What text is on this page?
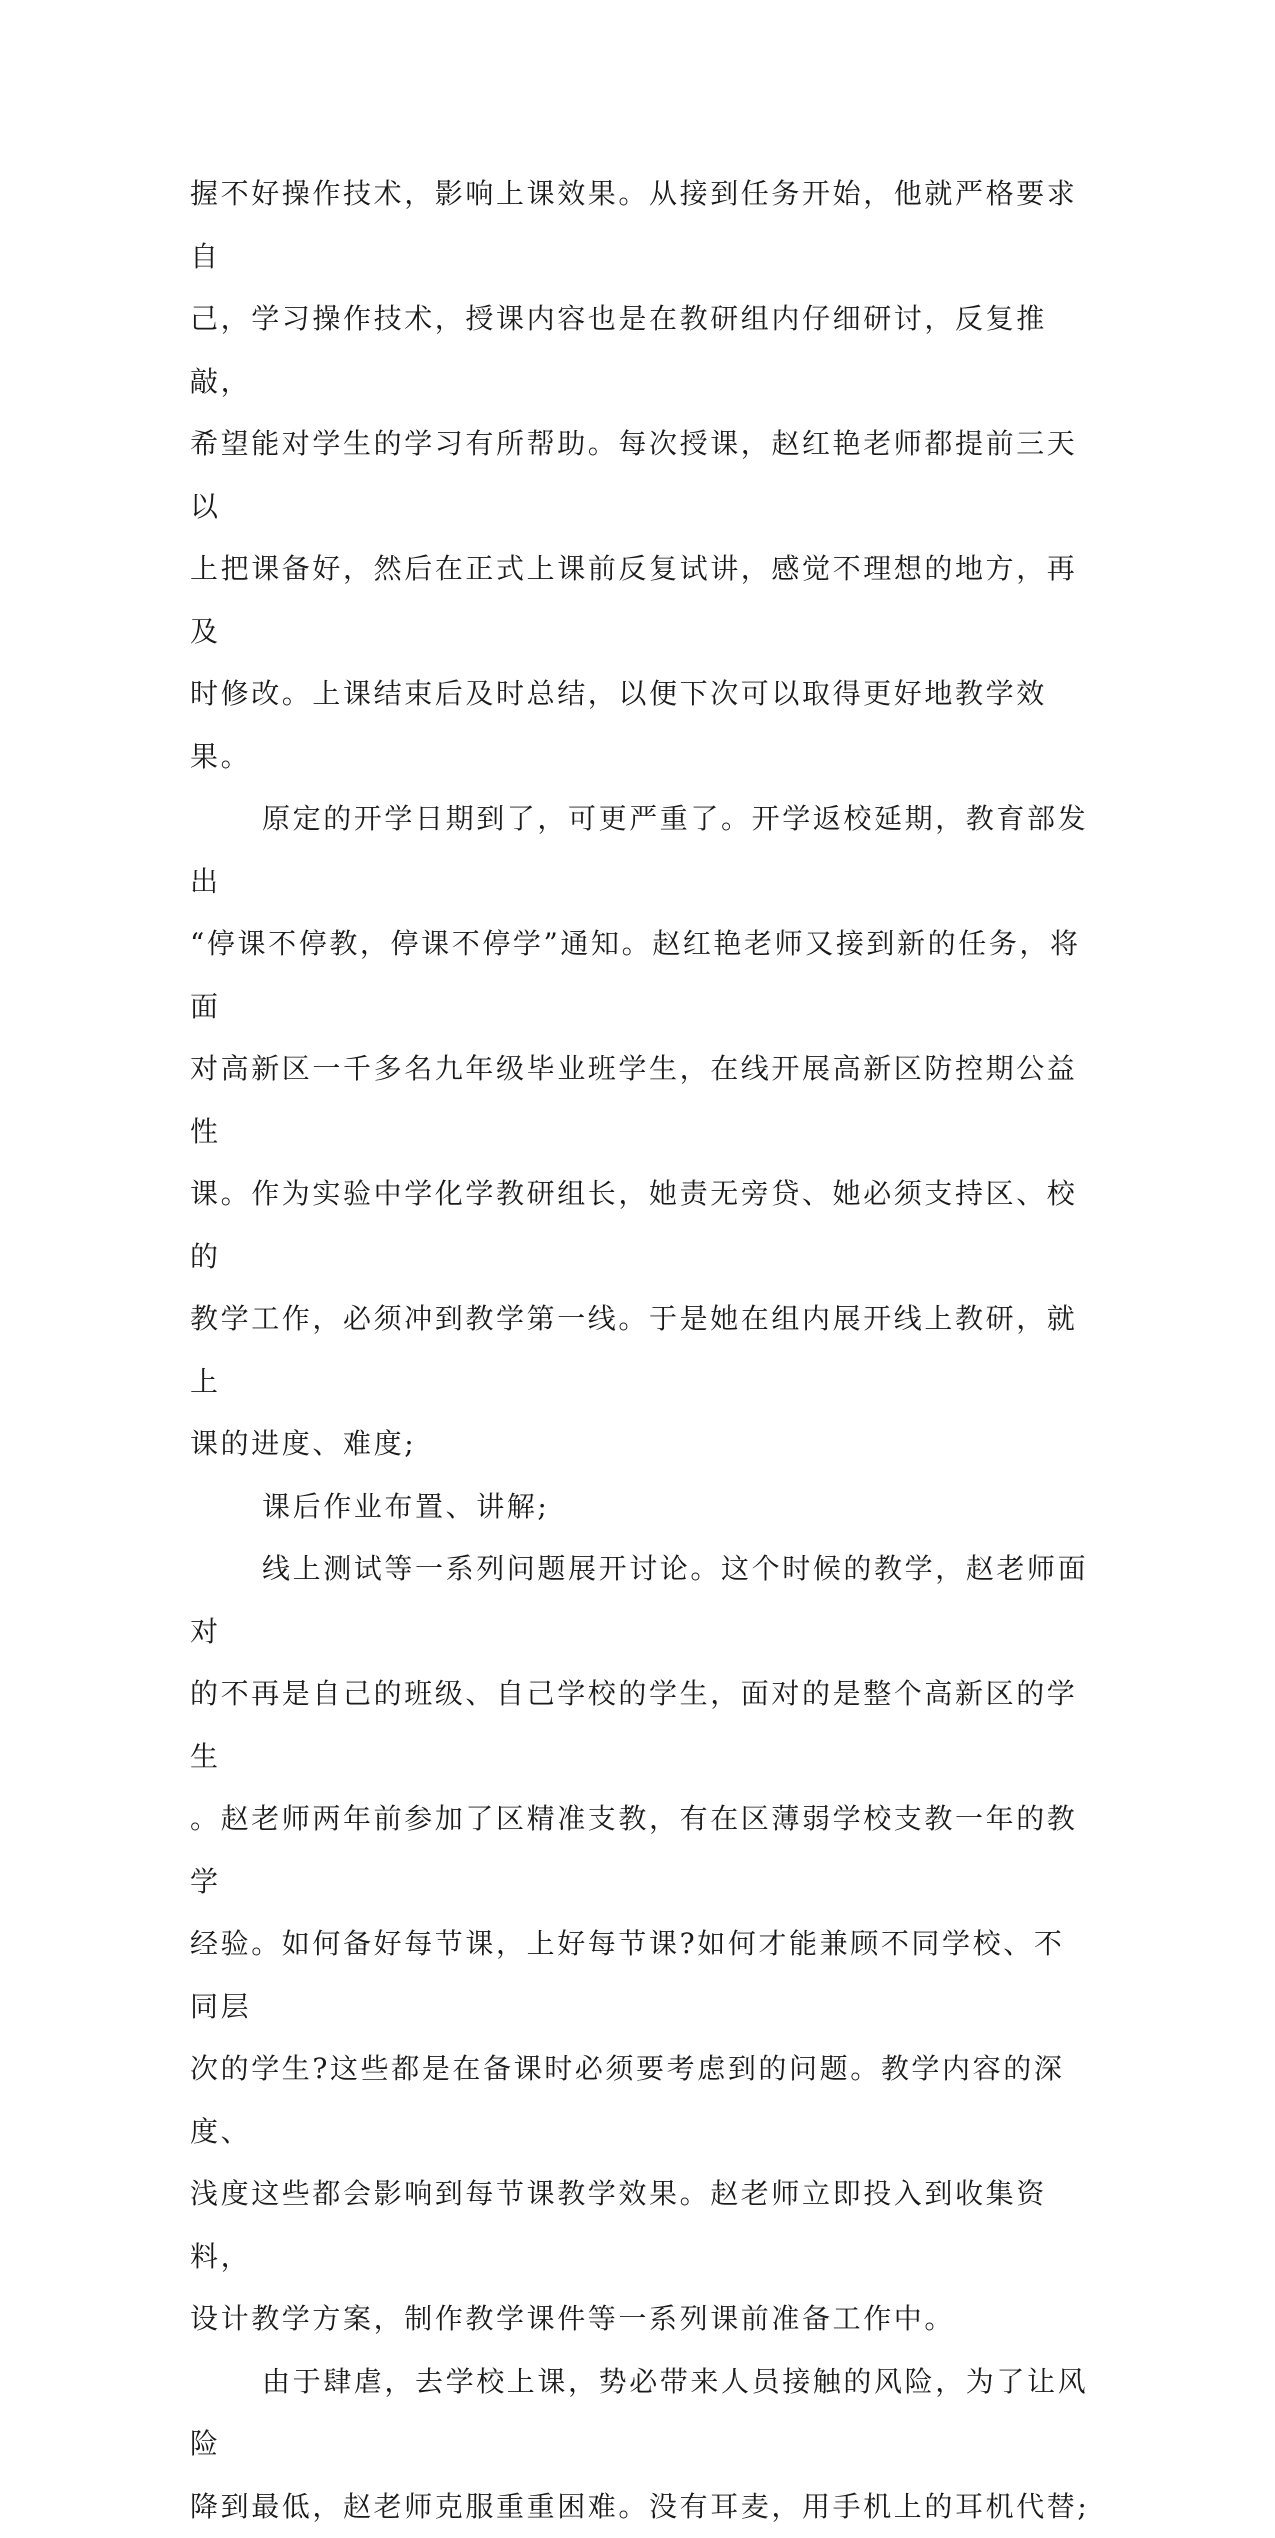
握不好操作技术，影响上课效果。从接到任务开始，他就严格要求自
己，学习操作技术，授课内容也是在教研组内仔细研讨，反复推敲，
希望能对学生的学习有所帮助。每次授课，赵红艳老师都提前三天以
上把课备好，然后在正式上课前反复试讲，感觉不理想的地方，再及
时修改。上课结束后及时总结，以便下次可以取得更好地教学效果。

原定的开学日期到了，可更严重了。开学返校延期，教育部发出
“停课不停教，停课不停学”通知。赵红艳老师又接到新的任务，将面
对高新区一千多名九年级毕业班学生，在线开展高新区防控期公益性
课。作为实验中学化学教研组长，她责无旁贷、她必须支持区、校的
教学工作，必须冲到教学第一线。于是她在组内展开线上教研，就上
课的进度、难度;

课后作业布置、讲解;

线上测试等一系列问题展开讨论。这个时候的教学，赵老师面对
的不再是自己的班级、自己学校的学生，面对的是整个高新区的学生
。赵老师两年前参加了区精准支教，有在区薄弱学校支教一年的教学
经验。如何备好每节课，上好每节课?如何才能兼顾不同学校、不同层
次的学生?这些都是在备课时必须要考虑到的问题。教学内容的深度、
浅度这些都会影响到每节课教学效果。赵老师立即投入到收集资料，
设计教学方案，制作教学课件等一系列课前准备工作中。

由于肆虐，去学校上课，势必带来人员接触的风险，为了让风险
降到最低，赵老师克服重重困难。没有耳麦，用手机上的耳机代替;
